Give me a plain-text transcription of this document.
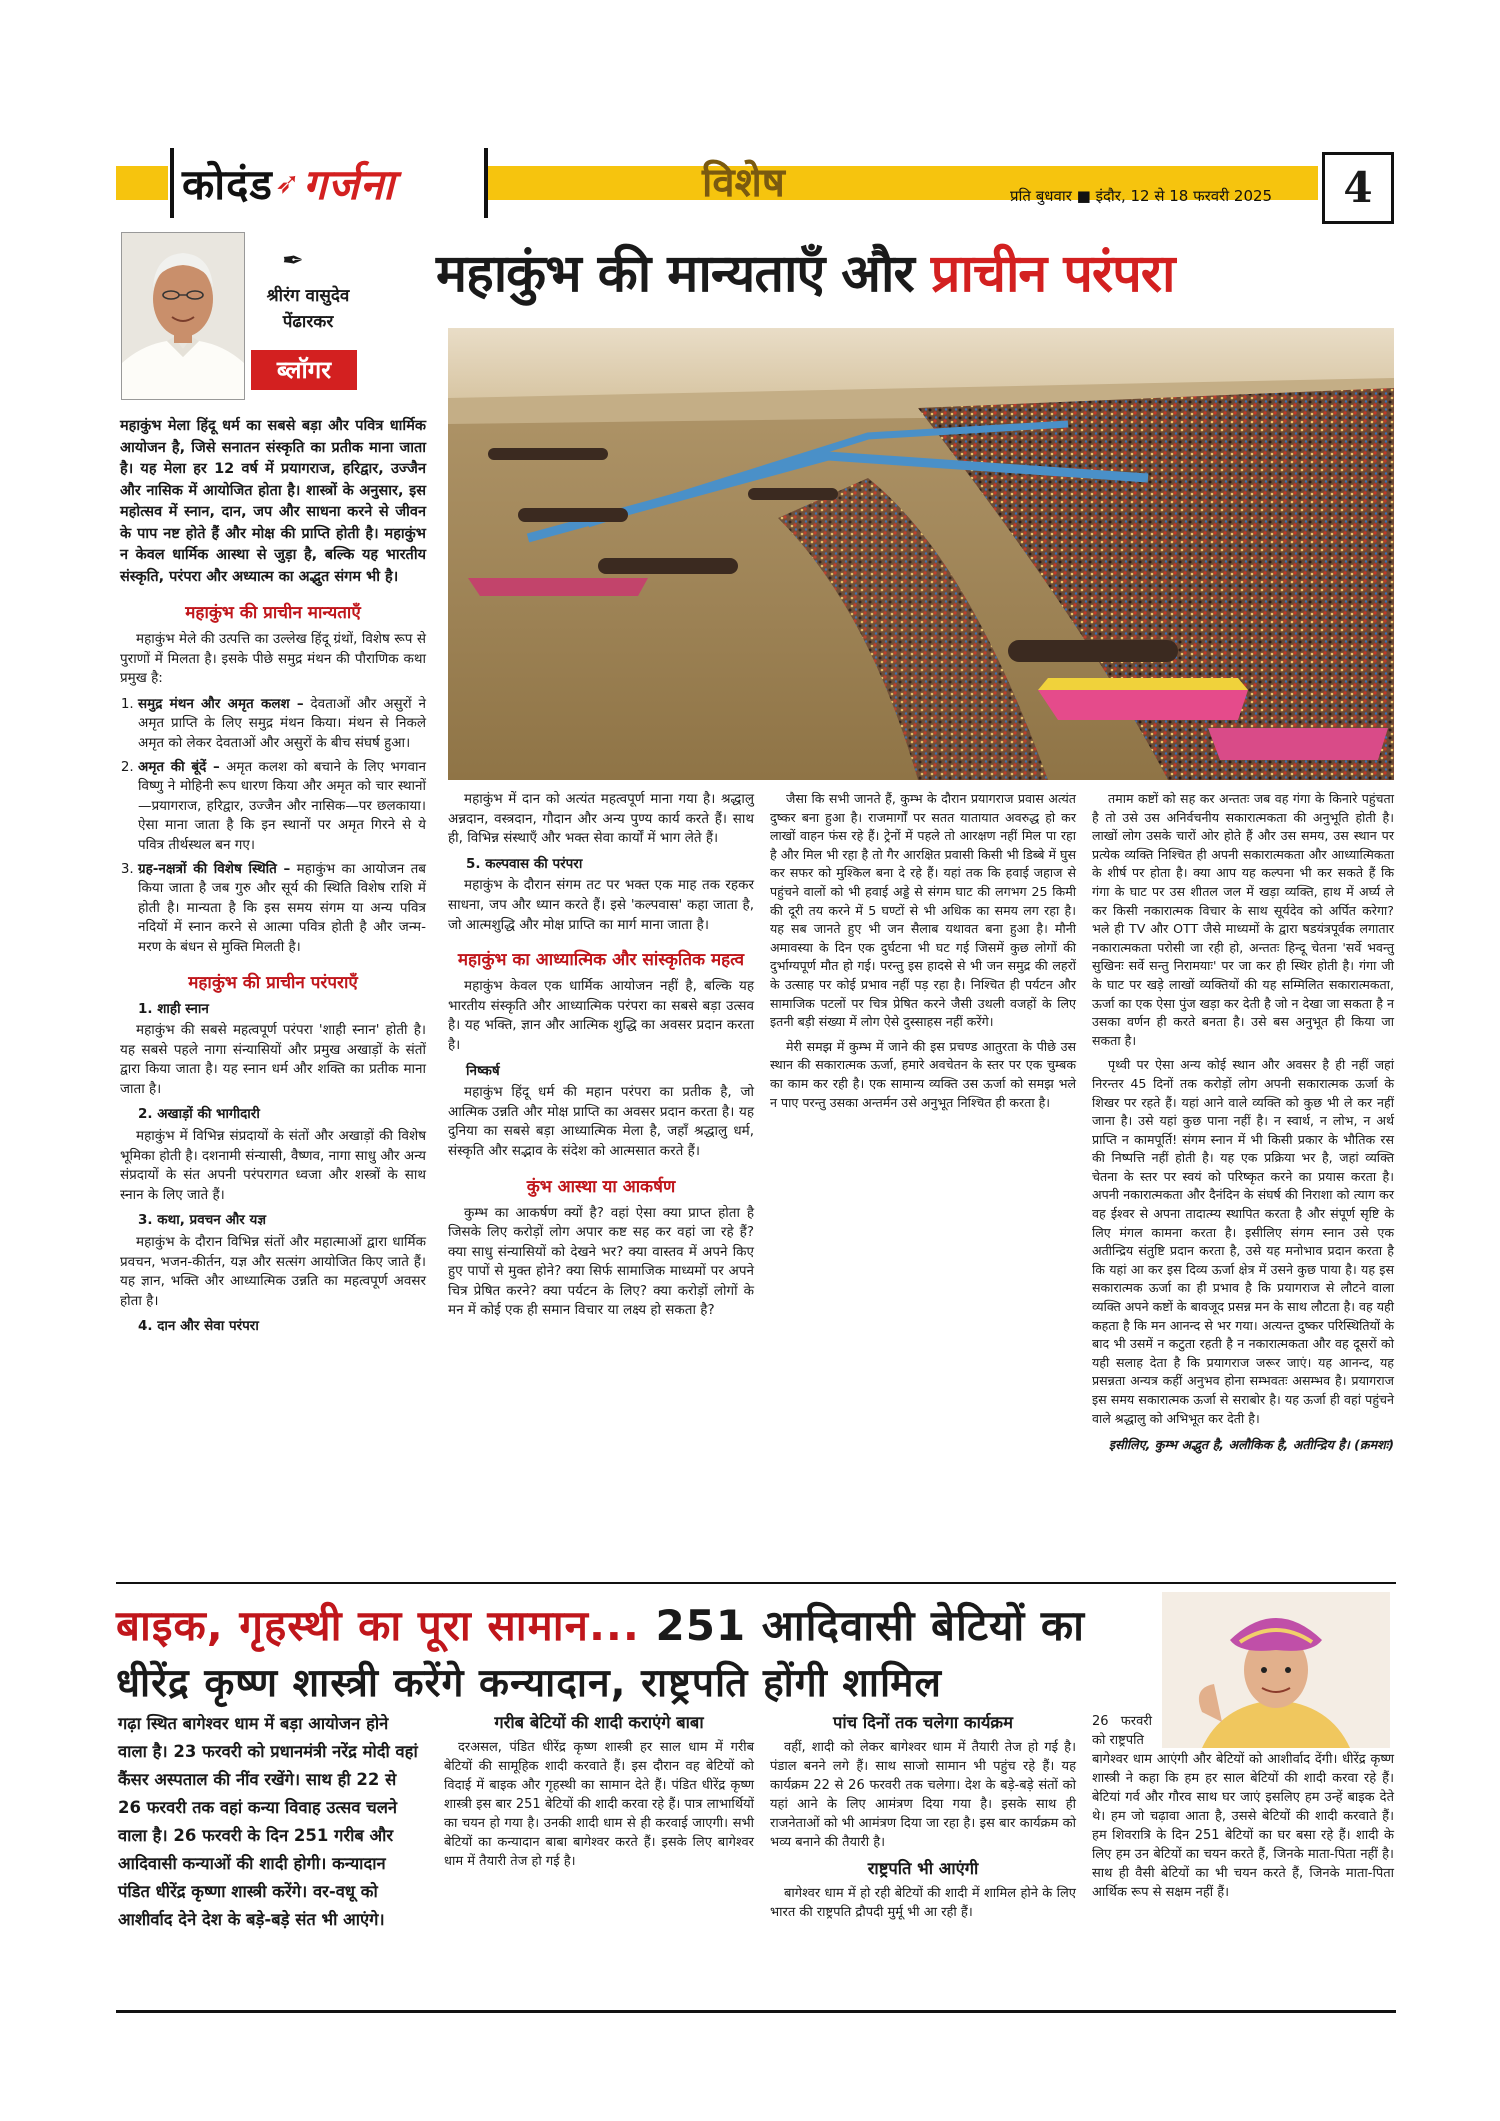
कोदंड ➶ गर्जना	विशेष	प्रति बुधवार ■ इंदौर, 12 से 18 फरवरी 2025	4
✒
श्रीरंग वासुदेव
पेंढारकर
ब्लॉगर
महाकुंभ की मान्यताएँ और प्राचीन परंपरा

महाकुंभ मेला हिंदू धर्म का सबसे बड़ा और पवित्र धार्मिक आयोजन है, जिसे सनातन संस्कृति का प्रतीक माना जाता है। यह मेला हर 12 वर्ष में प्रयागराज, हरिद्वार, उज्जैन और नासिक में आयोजित होता है। शास्त्रों के अनुसार, इस महोत्सव में स्नान, दान, जप और साधना करने से जीवन के पाप नष्ट होते हैं और मोक्ष की प्राप्ति होती है। महाकुंभ न केवल धार्मिक आस्था से जुड़ा है, बल्कि यह भारतीय संस्कृति, परंपरा और अध्यात्म का अद्भुत संगम भी है।

महाकुंभ की प्राचीन मान्यताएँ

महाकुंभ मेले की उत्पत्ति का उल्लेख हिंदू ग्रंथों, विशेष रूप से पुराणों में मिलता है। इसके पीछे समुद्र मंथन की पौराणिक कथा प्रमुख है:

1. समुद्र मंथन और अमृत कलश – देवताओं और असुरों ने अमृत प्राप्ति के लिए समुद्र मंथन किया। मंथन से निकले अमृत को लेकर देवताओं और असुरों के बीच संघर्ष हुआ।
2. अमृत की बूंदें – अमृत कलश को बचाने के लिए भगवान विष्णु ने मोहिनी रूप धारण किया और अमृत को चार स्थानों—प्रयागराज, हरिद्वार, उज्जैन और नासिक—पर छलकाया। ऐसा माना जाता है कि इन स्थानों पर अमृत गिरने से ये पवित्र तीर्थस्थल बन गए।
3. ग्रह-नक्षत्रों की विशेष स्थिति – महाकुंभ का आयोजन तब किया जाता है जब गुरु और सूर्य की स्थिति विशेष राशि में होती है। मान्यता है कि इस समय संगम या अन्य पवित्र नदियों में स्नान करने से आत्मा पवित्र होती है और जन्म-मरण के बंधन से मुक्ति मिलती है।
महाकुंभ की प्राचीन परंपराएँ
1. शाही स्नान

महाकुंभ की सबसे महत्वपूर्ण परंपरा 'शाही स्नान' होती है। यह सबसे पहले नागा संन्यासियों और प्रमुख अखाड़ों के संतों द्वारा किया जाता है। यह स्नान धर्म और शक्ति का प्रतीक माना जाता है।

2. अखाड़ों की भागीदारी

महाकुंभ में विभिन्न संप्रदायों के संतों और अखाड़ों की विशेष भूमिका होती है। दशनामी संन्यासी, वैष्णव, नागा साधु और अन्य संप्रदायों के संत अपनी परंपरागत ध्वजा और शस्त्रों के साथ स्नान के लिए जाते हैं।

3. कथा, प्रवचन और यज्ञ

महाकुंभ के दौरान विभिन्न संतों और महात्माओं द्वारा धार्मिक प्रवचन, भजन-कीर्तन, यज्ञ और सत्संग आयोजित किए जाते हैं। यह ज्ञान, भक्ति और आध्यात्मिक उन्नति का महत्वपूर्ण अवसर होता है।

4. दान और सेवा परंपरा

महाकुंभ में दान को अत्यंत महत्वपूर्ण माना गया है। श्रद्धालु अन्नदान, वस्त्रदान, गौदान और अन्य पुण्य कार्य करते हैं। साथ ही, विभिन्न संस्थाएँ और भक्त सेवा कार्यों में भाग लेते हैं।

5. कल्पवास की परंपरा

महाकुंभ के दौरान संगम तट पर भक्त एक माह तक रहकर साधना, जप और ध्यान करते हैं। इसे 'कल्पवास' कहा जाता है, जो आत्मशुद्धि और मोक्ष प्राप्ति का मार्ग माना जाता है।

महाकुंभ का आध्यात्मिक और सांस्कृतिक महत्व

महाकुंभ केवल एक धार्मिक आयोजन नहीं है, बल्कि यह भारतीय संस्कृति और आध्यात्मिक परंपरा का सबसे बड़ा उत्सव है। यह भक्ति, ज्ञान और आत्मिक शुद्धि का अवसर प्रदान करता है।

निष्कर्ष

महाकुंभ हिंदू धर्म की महान परंपरा का प्रतीक है, जो आत्मिक उन्नति और मोक्ष प्राप्ति का अवसर प्रदान करता है। यह दुनिया का सबसे बड़ा आध्यात्मिक मेला है, जहाँ श्रद्धालु धर्म, संस्कृति और सद्भाव के संदेश को आत्मसात करते हैं।

कुंभ आस्था या आकर्षण

कुम्भ का आकर्षण क्यों है? वहां ऐसा क्या प्राप्त होता है जिसके लिए करोड़ों लोग अपार कष्ट सह कर वहां जा रहे हैं? क्या साधु संन्यासियों को देखने भर? क्या वास्तव में अपने किए हुए पापों से मुक्त होने? क्या सिर्फ सामाजिक माध्यमों पर अपने चित्र प्रेषित करने? क्या पर्यटन के लिए? क्या करोड़ों लोगों के मन में कोई एक ही समान विचार या लक्ष्य हो सकता है?

जैसा कि सभी जानते हैं, कुम्भ के दौरान प्रयागराज प्रवास अत्यंत दुष्कर बना हुआ है। राजमार्गों पर सतत यातायात अवरुद्ध हो कर लाखों वाहन फंस रहे हैं। ट्रेनों में पहले तो आरक्षण नहीं मिल पा रहा है और मिल भी रहा है तो गैर आरक्षित प्रवासी किसी भी डिब्बे में घुस कर सफर को मुश्किल बना दे रहे हैं। यहां तक कि हवाई जहाज से पहुंचने वालों को भी हवाई अड्डे से संगम घाट की लगभग 25 किमी की दूरी तय करने में 5 घण्टों से भी अधिक का समय लग रहा है। यह सब जानते हुए भी जन सैलाब यथावत बना हुआ है। मौनी अमावस्या के दिन एक दुर्घटना भी घट गई जिसमें कुछ लोगों की दुर्भाग्यपूर्ण मौत हो गई। परन्तु इस हादसे से भी जन समुद्र की लहरों के उत्साह पर कोई प्रभाव नहीं पड़ रहा है। निश्चित ही पर्यटन और सामाजिक पटलों पर चित्र प्रेषित करने जैसी उथली वजहों के लिए इतनी बड़ी संख्या में लोग ऐसे दुस्साहस नहीं करेंगे।

मेरी समझ में कुम्भ में जाने की इस प्रचण्ड आतुरता के पीछे उस स्थान की सकारात्मक ऊर्जा, हमारे अवचेतन के स्तर पर एक चुम्बक का काम कर रही है। एक सामान्य व्यक्ति उस ऊर्जा को समझ भले न पाए परन्तु उसका अन्तर्मन उसे अनुभूत निश्चित ही करता है।

तमाम कष्टों को सह कर अन्ततः जब वह गंगा के किनारे पहुंचता है तो उसे उस अनिर्वचनीय सकारात्मकता की अनुभूति होती है। लाखों लोग उसके चारों ओर होते हैं और उस समय, उस स्थान पर प्रत्येक व्यक्ति निश्चित ही अपनी सकारात्मकता और आध्यात्मिकता के शीर्ष पर होता है। क्या आप यह कल्पना भी कर सकते हैं कि गंगा के घाट पर उस शीतल जल में खड़ा व्यक्ति, हाथ में अर्घ्य ले कर किसी नकारात्मक विचार के साथ सूर्यदेव को अर्पित करेगा? भले ही TV और OTT जैसे माध्यमों के द्वारा षडयंत्रपूर्वक लगातार नकारात्मकता परोसी जा रही हो, अन्ततः हिन्दू चेतना 'सर्वे भवन्तु सुखिनः सर्वे सन्तु निरामयाः' पर जा कर ही स्थिर होती है। गंगा जी के घाट पर खड़े लाखों व्यक्तियों की यह सम्मिलित सकारात्मकता, ऊर्जा का एक ऐसा पुंज खड़ा कर देती है जो न देखा जा सकता है न उसका वर्णन ही करते बनता है। उसे बस अनुभूत ही किया जा सकता है।

पृथ्वी पर ऐसा अन्य कोई स्थान और अवसर है ही नहीं जहां निरन्तर 45 दिनों तक करोड़ों लोग अपनी सकारात्मक ऊर्जा के शिखर पर रहते हैं। यहां आने वाले व्यक्ति को कुछ भी ले कर नहीं जाना है। उसे यहां कुछ पाना नहीं है। न स्वार्थ, न लोभ, न अर्थ प्राप्ति न कामपूर्ति! संगम स्नान में भी किसी प्रकार के भौतिक रस की निष्पत्ति नहीं होती है। यह एक प्रक्रिया भर है, जहां व्यक्ति चेतना के स्तर पर स्वयं को परिष्कृत करने का प्रयास करता है। अपनी नकारात्मकता और दैनंदिन के संघर्ष की निराशा को त्याग कर वह ईश्वर से अपना तादात्म्य स्थापित करता है और संपूर्ण सृष्टि के लिए मंगल कामना करता है। इसीलिए संगम स्नान उसे एक अतीन्द्रिय संतुष्टि प्रदान करता है, उसे यह मनोभाव प्रदान करता है कि यहां आ कर इस दिव्य ऊर्जा क्षेत्र में उसने कुछ पाया है। यह इस सकारात्मक ऊर्जा का ही प्रभाव है कि प्रयागराज से लौटने वाला व्यक्ति अपने कष्टों के बावजूद प्रसन्न मन के साथ लौटता है। वह यही कहता है कि मन आनन्द से भर गया। अत्यन्त दुष्कर परिस्थितियों के बाद भी उसमें न कटुता रहती है न नकारात्मकता और वह दूसरों को यही सलाह देता है कि प्रयागराज जरूर जाएं। यह आनन्द, यह प्रसन्नता अन्यत्र कहीं अनुभव होना सम्भवतः असम्भव है। प्रयागराज इस समय सकारात्मक ऊर्जा से सराबोर है। यह ऊर्जा ही वहां पहुंचने वाले श्रद्धालु को अभिभूत कर देती है।

इसीलिए, कुम्भ अद्भुत है, अलौकिक है, अतीन्द्रिय है। (क्रमशः)
बाइक, गृहस्थी का पूरा सामान... 251 आदिवासी बेटियों का
धीरेंद्र कृष्ण शास्त्री करेंगे कन्यादान, राष्ट्रपति होंगी शामिल
गढ़ा स्थित बागेश्वर धाम में बड़ा आयोजन होने वाला है। 23 फरवरी को प्रधानमंत्री नरेंद्र मोदी वहां कैंसर अस्पताल की नींव रखेंगे। साथ ही 22 से 26 फरवरी तक वहां कन्या विवाह उत्सव चलने वाला है। 26 फरवरी के दिन 251 गरीब और आदिवासी कन्याओं की शादी होगी। कन्यादान पंडित धीरेंद्र कृष्णा शास्त्री करेंगे। वर-वधू को आशीर्वाद देने देश के बड़े-बड़े संत भी आएंगे।
गरीब बेटियों की शादी कराएंगे बाबा

दरअसल, पंडित धीरेंद्र कृष्ण शास्त्री हर साल धाम में गरीब बेटियों की सामूहिक शादी करवाते हैं। इस दौरान वह बेटियों को विदाई में बाइक और गृहस्थी का सामान देते हैं। पंडित धीरेंद्र कृष्ण शास्त्री इस बार 251 बेटियों की शादी करवा रहे हैं। पात्र लाभार्थियों का चयन हो गया है। उनकी शादी धाम से ही करवाई जाएगी। सभी बेटियों का कन्यादान बाबा बागेश्वर करते हैं। इसके लिए बागेश्वर धाम में तैयारी तेज हो गई है।

पांच दिनों तक चलेगा कार्यक्रम

वहीं, शादी को लेकर बागेश्वर धाम में तैयारी तेज हो गई है। पंडाल बनने लगे हैं। साथ साजो सामान भी पहुंच रहे हैं। यह कार्यक्रम 22 से 26 फरवरी तक चलेगा। देश के बड़े-बड़े संतों को यहां आने के लिए आमंत्रण दिया गया है। इसके साथ ही राजनेताओं को भी आमंत्रण दिया जा रहा है। इस बार कार्यक्रम को भव्य बनाने की तैयारी है।

राष्ट्रपति भी आएंगी

बागेश्वर धाम में हो रही बेटियों की शादी में शामिल होने के लिए भारत की राष्ट्रपति द्रौपदी मुर्मू भी आ रही हैं।

26 फरवरी को राष्ट्रपति

बागेश्वर धाम आएंगी और बेटियों को आशीर्वाद देंगी। धीरेंद्र कृष्ण शास्त्री ने कहा कि हम हर साल बेटियों की शादी करवा रहे हैं। बेटियां गर्व और गौरव साथ घर जाएं इसलिए हम उन्हें बाइक देते थे। हम जो चढ़ावा आता है, उससे बेटियों की शादी करवाते हैं। हम शिवरात्रि के दिन 251 बेटियों का घर बसा रहे हैं। शादी के लिए हम उन बेटियों का चयन करते हैं, जिनके माता-पिता नहीं है। साथ ही वैसी बेटियों का भी चयन करते हैं, जिनके माता-पिता आर्थिक रूप से सक्षम नहीं हैं।
